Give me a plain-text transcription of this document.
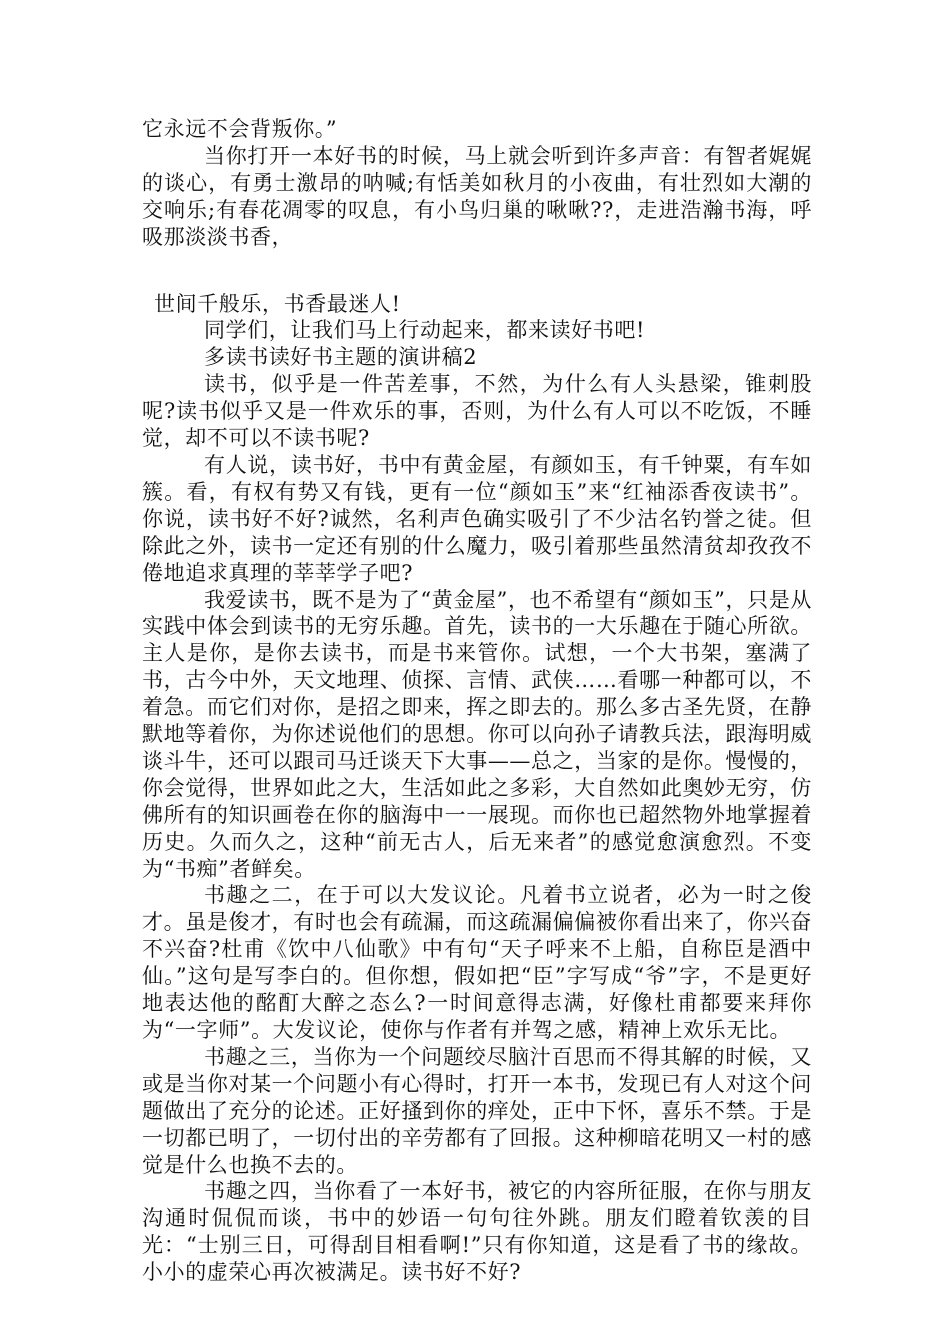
它永远不会背叛你。”

当你打开一本好书的时候，马上就会听到许多声音：有智者娓娓的谈心，有勇士激昂的呐喊;有恬美如秋月的小夜曲，有壮烈如大潮的交响乐;有春花凋零的叹息，有小鸟归巢的啾啾??，走进浩瀚书海，呼吸那淡淡书香，

世间千般乐，书香最迷人!

同学们，让我们马上行动起来，都来读好书吧!

多读书读好书主题的演讲稿2

读书，似乎是一件苦差事，不然，为什么有人头悬梁，锥刺股呢?读书似乎又是一件欢乐的事，否则，为什么有人可以不吃饭，不睡觉，却不可以不读书呢?

有人说，读书好，书中有黄金屋，有颜如玉，有千钟粟，有车如簇。看，有权有势又有钱，更有一位“颜如玉”来“红袖添香夜读书”。你说，读书好不好?诚然，名利声色确实吸引了不少沽名钓誉之徒。但除此之外，读书一定还有别的什么魔力，吸引着那些虽然清贫却孜孜不倦地追求真理的莘莘学子吧?

我爱读书，既不是为了“黄金屋”，也不希望有“颜如玉”，只是从实践中体会到读书的无穷乐趣。首先，读书的一大乐趣在于随心所欲。主人是你，是你去读书，而是书来管你。试想，一个大书架，塞满了书，古今中外，天文地理、侦探、言情、武侠……看哪一种都可以，不着急。而它们对你，是招之即来，挥之即去的。那么多古圣先贤，在静默地等着你，为你述说他们的思想。你可以向孙子请教兵法，跟海明威谈斗牛，还可以跟司马迁谈天下大事——总之，当家的是你。慢慢的，你会觉得，世界如此之大，生活如此之多彩，大自然如此奥妙无穷，仿佛所有的知识画卷在你的脑海中一一展现。而你也已超然物外地掌握着历史。久而久之，这种“前无古人，后无来者”的感觉愈演愈烈。不变为“书痴”者鲜矣。

书趣之二，在于可以大发议论。凡着书立说者，必为一时之俊才。虽是俊才，有时也会有疏漏，而这疏漏偏偏被你看出来了，你兴奋不兴奋?杜甫《饮中八仙歌》中有句“天子呼来不上船，自称臣是酒中仙。”这句是写李白的。但你想，假如把“臣”字写成“爷”字，不是更好地表达他的酩酊大醉之态么?一时间意得志满，好像杜甫都要来拜你为“一字师”。大发议论，使你与作者有并驾之感，精神上欢乐无比。

书趣之三，当你为一个问题绞尽脑汁百思而不得其解的时候，又或是当你对某一个问题小有心得时，打开一本书，发现已有人对这个问题做出了充分的论述。正好搔到你的痒处，正中下怀，喜乐不禁。于是一切都已明了，一切付出的辛劳都有了回报。这种柳暗花明又一村的感觉是什么也换不去的。

书趣之四，当你看了一本好书，被它的内容所征服，在你与朋友沟通时侃侃而谈，书中的妙语一句句往外跳。朋友们瞪着钦羡的目光：“士别三日，可得刮目相看啊!”只有你知道，这是看了书的缘故。小小的虚荣心再次被满足。读书好不好?
